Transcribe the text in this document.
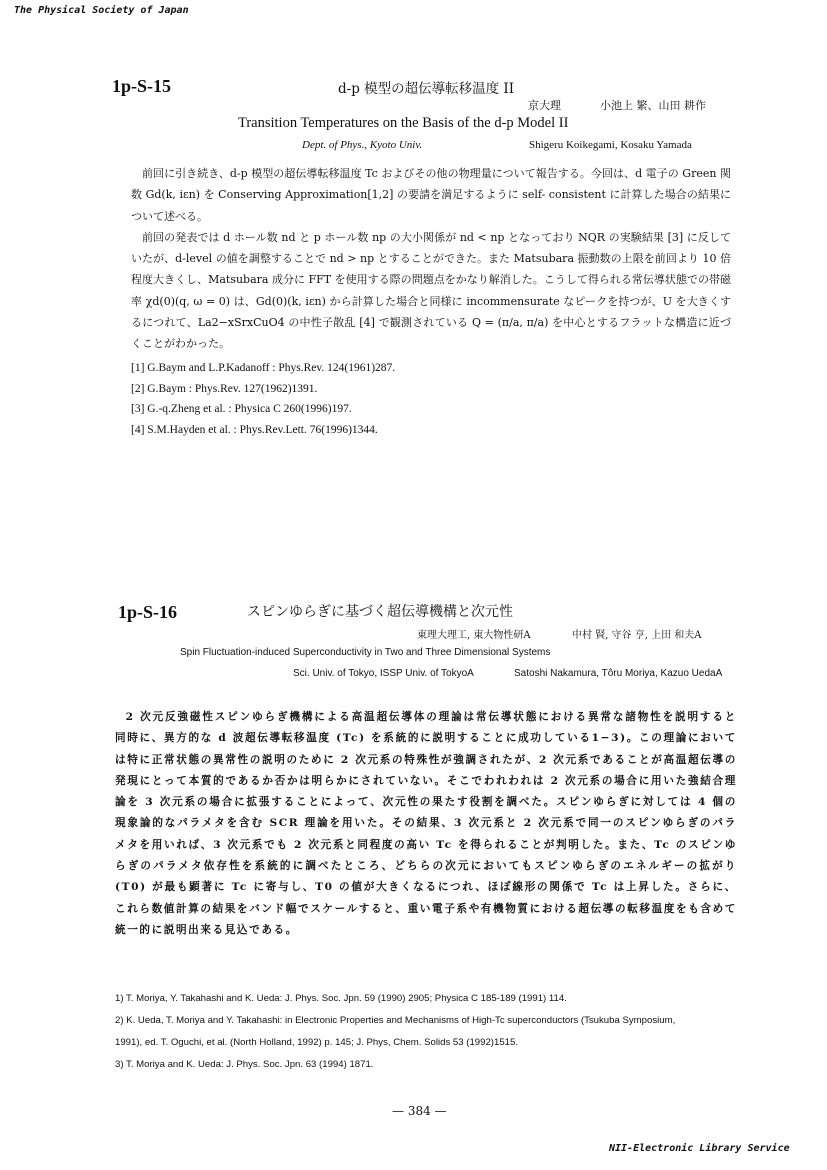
The Physical Society of Japan
NII-Electronic Library Service
— 384 —
1p-S-15	d-p 模型の超伝導転移温度 II
京大理	小池上 繁、山田 耕作
Transition Temperatures on the Basis of the d-p Model II
Dept. of Phys., Kyoto Univ.	Shigeru Koikegami, Kosaku Yamada

前回に引き続き、d-p 模型の超伝導転移温度 Tc およびその他の物理量について報告する。今回は、d 電子の Green 関数 Gd(k, iεn) を Conserving Approximation[1,2] の要請を満足するように self- consistent に計算した場合の結果について述べる。

前回の発表では d ホール数 nd と p ホール数 np の大小関係が nd < np となっており NQR の実験結果 [3] に反していたが、d-level の値を調整することで nd > np とすることができた。また Matsubara 振動数の上限を前回より 10 倍程度大きくし、Matsubara 成分に FFT を使用する際の問題点をかなり解消した。こうして得られる常伝導状態での帯磁率 χd(0)(q, ω = 0) は、Gd(0)(k, iεn) から計算した場合と同様に incommensurate なピークを持つが、U を大きくするにつれて、La2−xSrxCuO4 の中性子散乱 [4] で観測されている Q = (π/a, π/a) を中心とするフラットな構造に近づくことがわかった。

[1] G.Baym and L.P.Kadanoff : Phys.Rev. 124(1961)287.
[2] G.Baym : Phys.Rev. 127(1962)1391.
[3] G.-q.Zheng et al. : Physica C 260(1996)197.
[4] S.M.Hayden et al. : Phys.Rev.Lett. 76(1996)1344.
1p-S-16	スピンゆらぎに基づく超伝導機構と次元性
東理大理工, 東大物性研A	中村 賢, 守谷 亨, 上田 和夫A
Spin Fluctuation-induced Superconductivity in Two and Three Dimensional Systems
Sci. Univ. of Tokyo, ISSP Univ. of TokyoA	Satoshi Nakamura, Tôru Moriya, Kazuo UedaA

2 次元反強磁性スピンゆらぎ機構による高温超伝導体の理論は常伝導状態における異常な諸物性を説明すると同時に、異方的な d 波超伝導転移温度 (Tc) を系統的に説明することに成功している1−3)。この理論においては特に正常状態の異常性の説明のために 2 次元系の特殊性が強調されたが、2 次元系であることが高温超伝導の発現にとって本質的であるか否かは明らかにされていない。そこでわれわれは 2 次元系の場合に用いた強結合理論を 3 次元系の場合に拡張することによって、次元性の果たす役割を調べた。スピンゆらぎに対しては 4 個の現象論的なパラメタを含む SCR 理論を用いた。その結果、3 次元系と 2 次元系で同一のスピンゆらぎのパラメタを用いれば、3 次元系でも 2 次元系と同程度の高い Tc を得られることが判明した。また、Tc のスピンゆらぎのパラメタ依存性を系統的に調べたところ、どちらの次元においてもスピンゆらぎのエネルギーの拡がり (T0) が最も顕著に Tc に寄与し、T0 の値が大きくなるにつれ、ほぼ線形の関係で Tc は上昇した。さらに、これら数値計算の結果をバンド幅でスケールすると、重い電子系や有機物質における超伝導の転移温度をも含めて統一的に説明出来る見込である。

1) T. Moriya, Y. Takahashi and K. Ueda: J. Phys. Soc. Jpn. 59 (1990) 2905; Physica C 185-189 (1991) 114.
2) K. Ueda, T. Moriya and Y. Takahashi: in Electronic Properties and Mechanisms of High-Tc superconductors (Tsukuba Symposium,
1991), ed. T. Oguchi, et al. (North Holland, 1992) p. 145; J. Phys, Chem. Solids 53 (1992)1515.
3) T. Moriya and K. Ueda: J. Phys. Soc. Jpn. 63 (1994) 1871.
